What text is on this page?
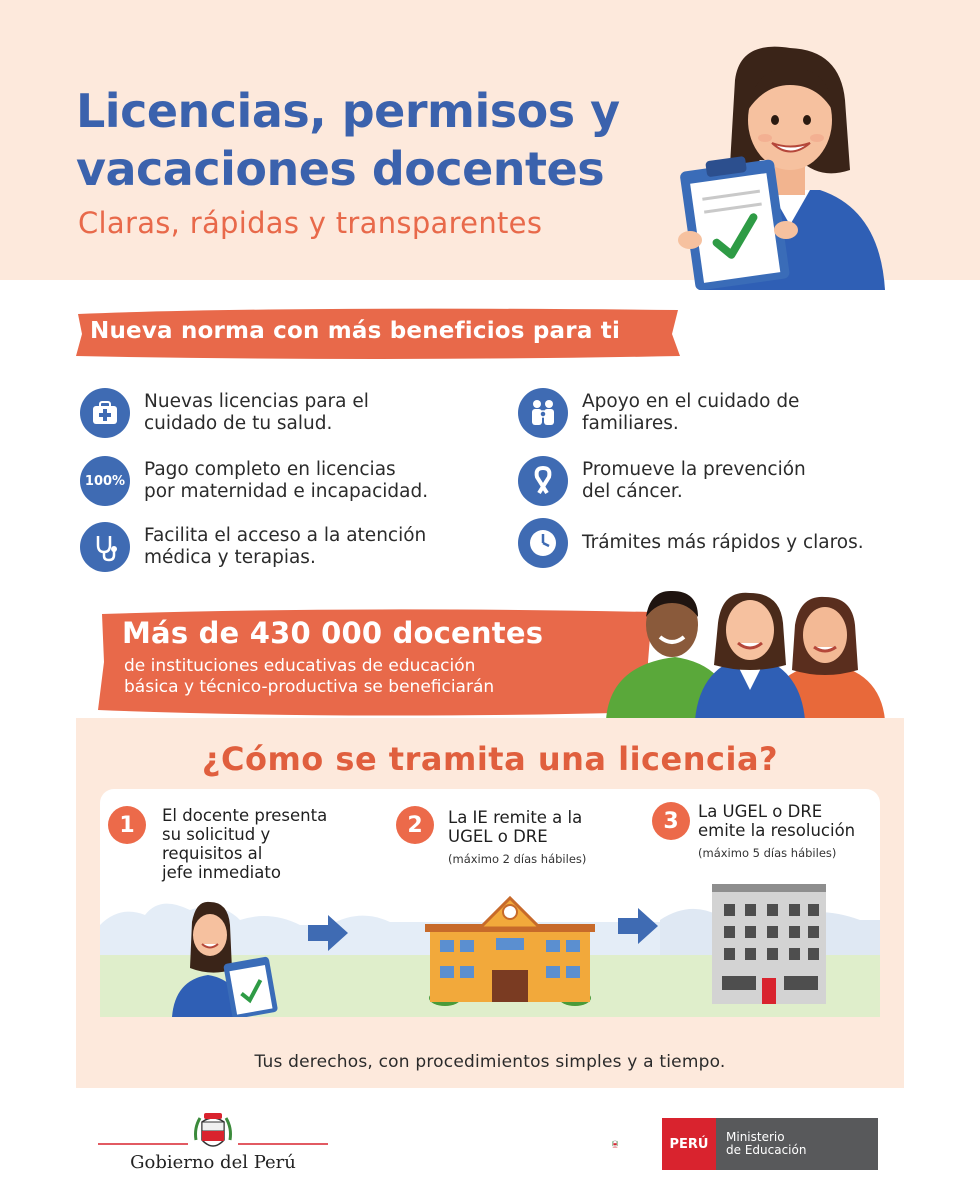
Licencias, permisos y
vacaciones docentes
Claras, rápidas y transparentes
Nueva norma con más beneficios para ti
Nuevas licencias para el
cuidado de tu salud.
100%
Pago completo en licencias
por maternidad e incapacidad.
Facilita el acceso a la atención
médica y terapias.
Apoyo en el cuidado de
familiares.
Promueve la prevención
del cáncer.
Trámites más rápidos y claros.
Más de 430 000 docentes
de instituciones educativas de educación
básica y técnico-productiva se beneficiarán
¿Cómo se tramita una licencia?
1	El docente presenta
su solicitud y
requisitos al
jefe inmediato
2	La IE remite a la
UGEL o DRE
(máximo 2 días hábiles)
3	La UGEL o DRE
emite la resolución
(máximo 5 días hábiles)
Tus derechos, con procedimientos simples y a tiempo.
Gobierno del Perú
PERÚ	Ministerio
de Educación
